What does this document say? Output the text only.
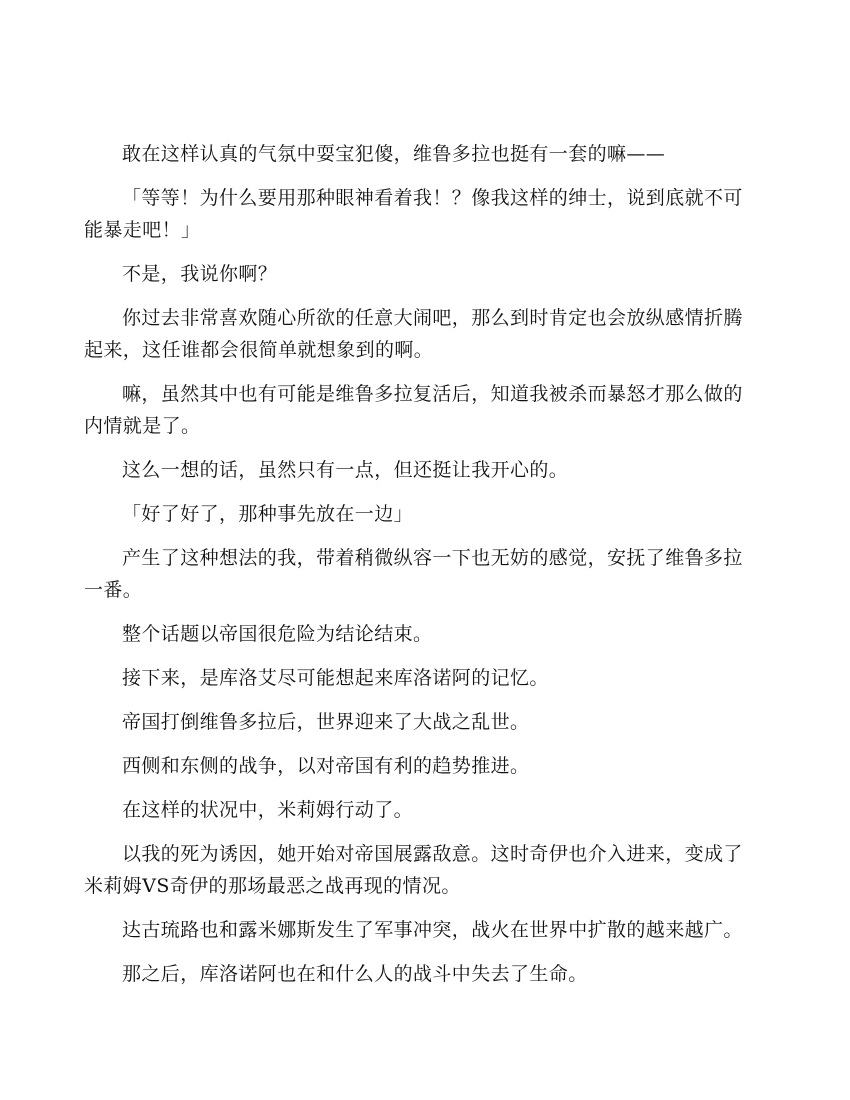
敢在这样认真的气氛中耍宝犯傻，维鲁多拉也挺有一套的嘛——

「等等！为什么要用那种眼神看着我！？像我这样的绅士，说到底就不可能暴走吧！」

不是，我说你啊？

你过去非常喜欢随心所欲的任意大闹吧，那么到时肯定也会放纵感情折腾起来，这任谁都会很简单就想象到的啊。

嘛，虽然其中也有可能是维鲁多拉复活后，知道我被杀而暴怒才那么做的内情就是了。

这么一想的话，虽然只有一点，但还挺让我开心的。

「好了好了，那种事先放在一边」

产生了这种想法的我，带着稍微纵容一下也无妨的感觉，安抚了维鲁多拉一番。

整个话题以帝国很危险为结论结束。

接下来，是库洛艾尽可能想起来库洛诺阿的记忆。

帝国打倒维鲁多拉后，世界迎来了大战之乱世。

西侧和东侧的战争，以对帝国有利的趋势推进。

在这样的状况中，米莉姆行动了。

以我的死为诱因，她开始对帝国展露敌意。这时奇伊也介入进来，变成了米莉姆VS奇伊的那场最恶之战再现的情况。

达古琉路也和露米娜斯发生了军事冲突，战火在世界中扩散的越来越广。

那之后，库洛诺阿也在和什么人的战斗中失去了生命。
